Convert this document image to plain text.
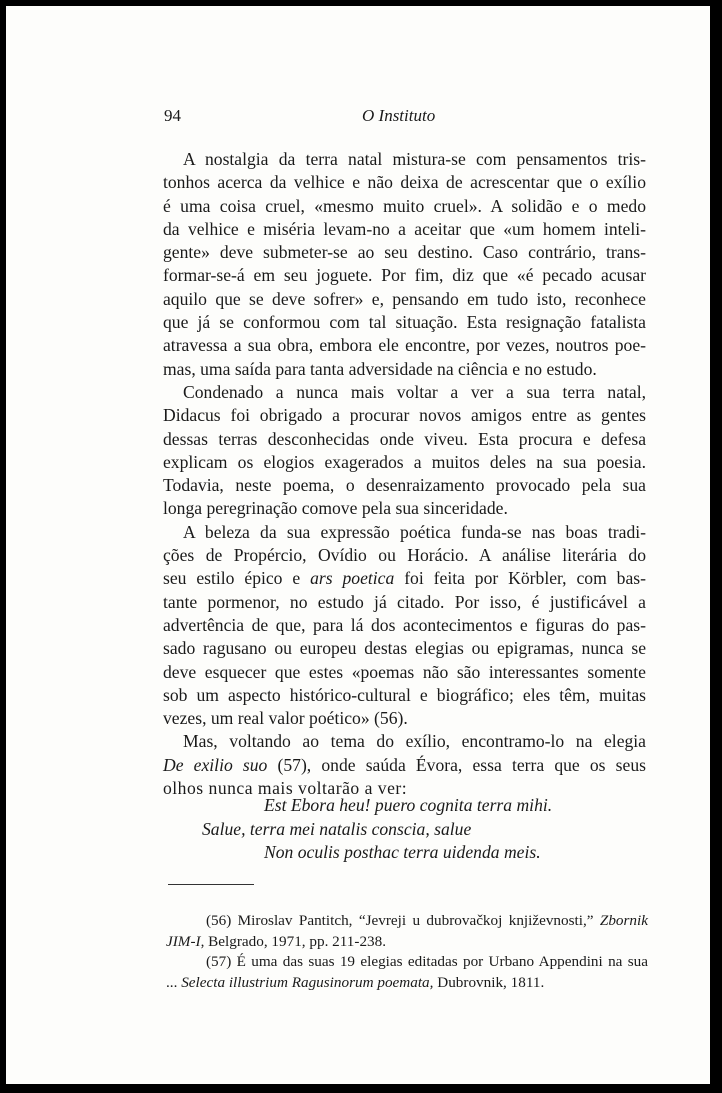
94	O Instituto

A nostalgia da terra natal mistura-se com pensamentos tris-
tonhos acerca da velhice e não deixa de acrescentar que o exílio
é uma coisa cruel, «mesmo muito cruel». A solidão e o medo
da velhice e miséria levam-no a aceitar que «um homem inteli-
gente» deve submeter-se ao seu destino. Caso contrário, trans-
formar-se-á em seu joguete. Por fim, diz que «é pecado acusar
aquilo que se deve sofrer» e, pensando em tudo isto, reconhece
que já se conformou com tal situação. Esta resignação fatalista
atravessa a sua obra, embora ele encontre, por vezes, noutros poe-
mas, uma saída para tanta adversidade na ciência e no estudo.

Condenado a nunca mais voltar a ver a sua terra natal,
Didacus foi obrigado a procurar novos amigos entre as gentes
dessas terras desconhecidas onde viveu. Esta procura e defesa
explicam os elogios exagerados a muitos deles na sua poesia.
Todavia, neste poema, o desenraizamento provocado pela sua
longa peregrinação comove pela sua sinceridade.

A beleza da sua expressão poética funda-se nas boas tradi-
ções de Propércio, Ovídio ou Horácio. A análise literária do
seu estilo épico e ars poetica foi feita por Körbler, com bas-
tante pormenor, no estudo já citado. Por isso, é justificável a
advertência de que, para lá dos acontecimentos e figuras do pas-
sado ragusano ou europeu destas elegias ou epigramas, nunca se
deve esquecer que estes «poemas não são interessantes somente
sob um aspecto histórico-cultural e biográfico; eles têm, muitas
vezes, um real valor poético» (56).

Mas, voltando ao tema do exílio, encontramo-lo na elegia
De exilio suo (57), onde saúda Évora, essa terra que os seus
olhos nunca mais voltarão a ver:

Est Ebora heu! puero cognita terra mihi.
Salue, terra mei natalis conscia, salue
Non oculis posthac terra uidenda meis.
(56) Miroslav Pantitch, “Jevreji u dubrovačkoj književnosti,” Zbornik
JIM-I, Belgrado, 1971, pp. 211-238.
(57) É uma das suas 19 elegias editadas por Urbano Appendini na sua
... Selecta illustrium Ragusinorum poemata, Dubrovnik, 1811.
